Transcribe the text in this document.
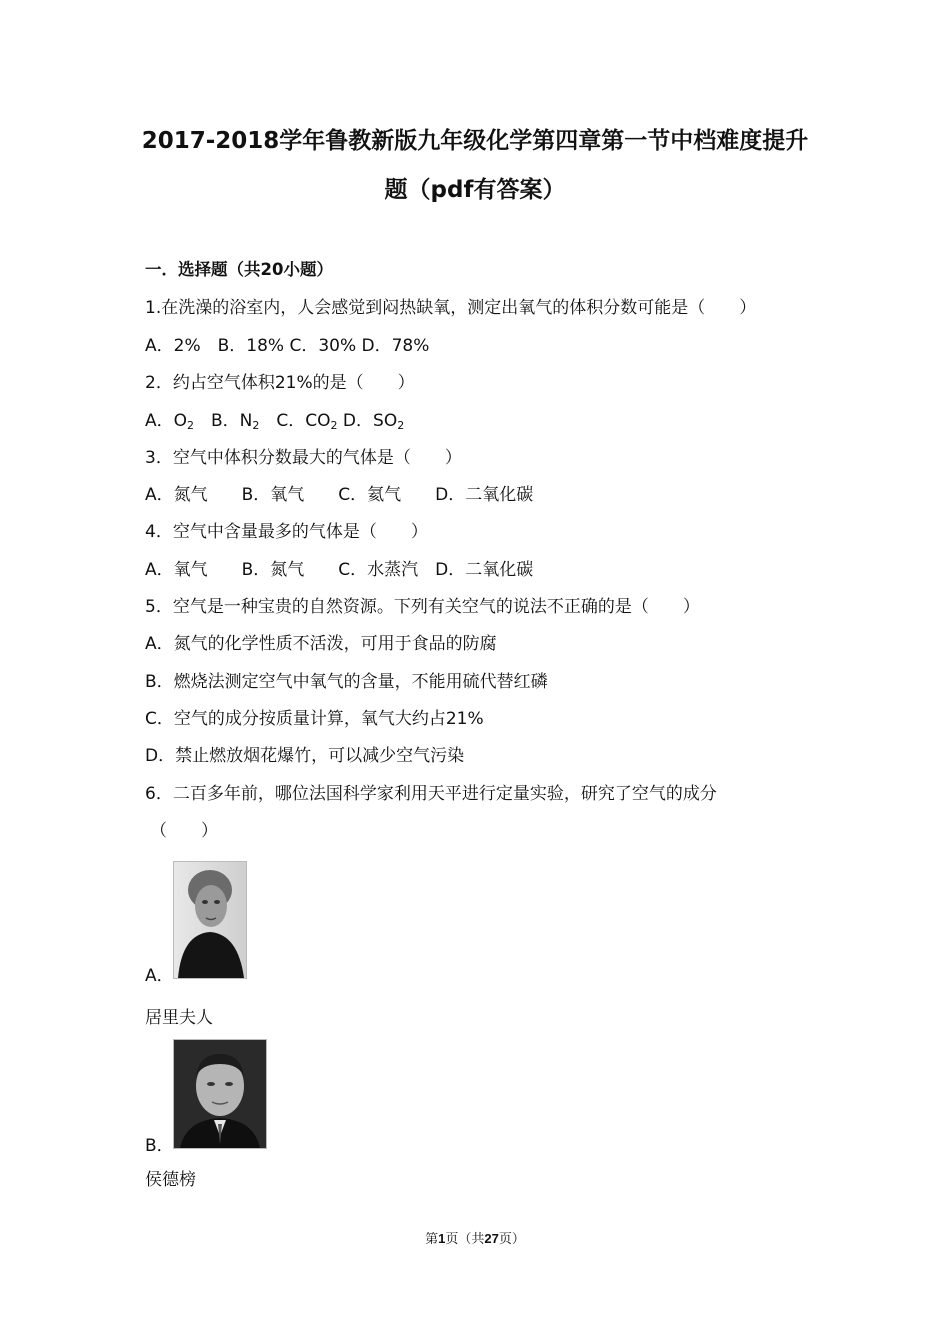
2017-2018学年鲁教新版九年级化学第四章第一节中档难度提升
题（pdf有答案）
一．选择题（共20小题）
1.在洗澡的浴室内，人会感觉到闷热缺氧，测定出氧气的体积分数可能是（　　）
A．2%　B．18% C．30% D．78%
2．约占空气体积21%的是（　　）
A．$O_2$　B．$N_2$　C．$CO_2$ D．$SO_2$
3．空气中体积分数最大的气体是（　　）
A．氮气　　B．氧气　　C．氦气　　D．二氧化碳
4．空气中含量最多的气体是（　　）
A．氧气　　B．氮气　　C．水蒸汽　D．二氧化碳
5．空气是一种宝贵的自然资源。下列有关空气的说法不正确的是（　　）
A．氮气的化学性质不活泼，可用于食品的防腐
B．燃烧法测定空气中氧气的含量，不能用硫代替红磷
C．空气的成分按质量计算，氧气大约占21%
D．禁止燃放烟花爆竹，可以减少空气污染
6．二百多年前，哪位法国科学家利用天平进行定量实验，研究了空气的成分
（　　）
A．
居里夫人
B．
侯德榜
第1页（共27页）
